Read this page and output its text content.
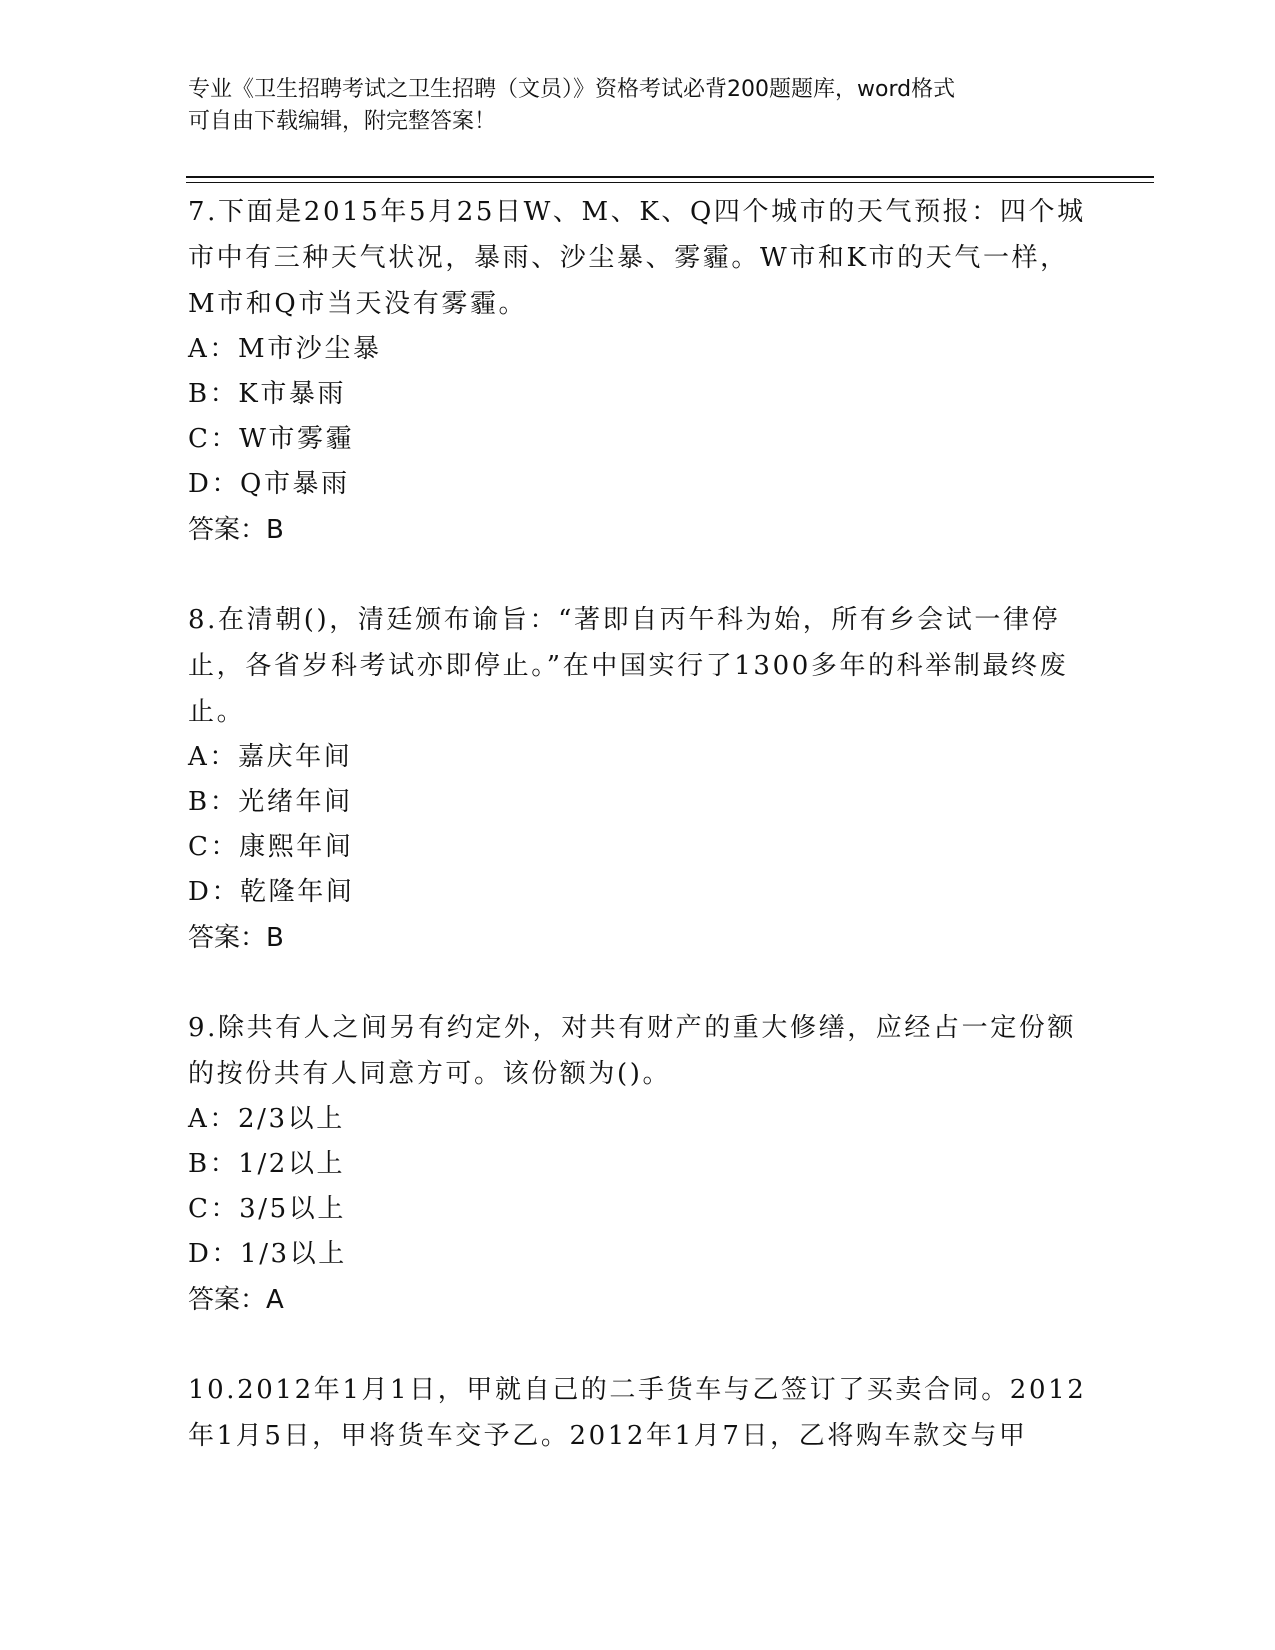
专业《卫生招聘考试之卫生招聘（文员）》资格考试必背200题题库，word格式
可自由下载编辑，附完整答案！

7.下面是2015年5月25日W、M、K、Q四个城市的天气预报：四个城市中有三种天气状况，暴雨、沙尘暴、雾霾。W市和K市的天气一样，M市和Q市当天没有雾霾。

A：M市沙尘暴

B：K市暴雨

C：W市雾霾

D：Q市暴雨

答案：B

8.在清朝()，清廷颁布谕旨：“著即自丙午科为始，所有乡会试一律停止，各省岁科考试亦即停止。”在中国实行了1300多年的科举制最终废止。

A：嘉庆年间

B：光绪年间

C：康熙年间

D：乾隆年间

答案：B

9.除共有人之间另有约定外，对共有财产的重大修缮，应经占一定份额的按份共有人同意方可。该份额为()。

A：2/3以上

B：1/2以上

C：3/5以上

D：1/3以上

答案：A

10.2012年1月1日，甲就自己的二手货车与乙签订了买卖合同。2012年1月5日，甲将货车交予乙。2012年1月7日，乙将购车款交与甲
